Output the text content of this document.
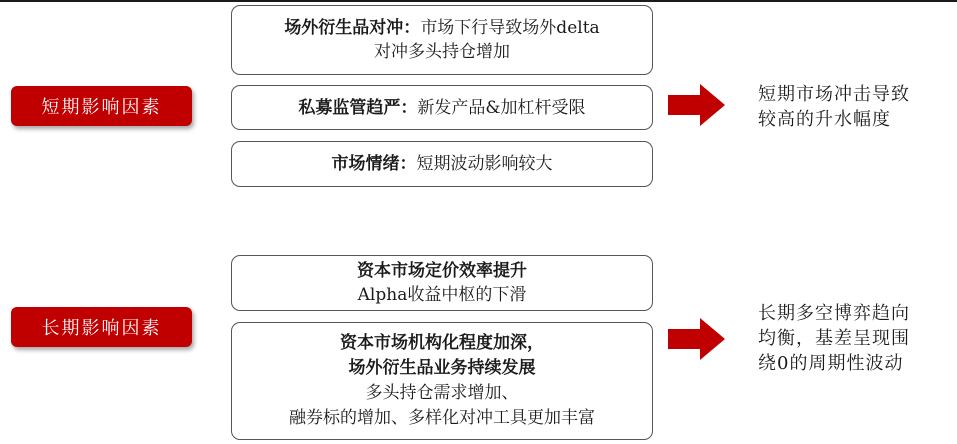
短期影响因素
场外衍生品对冲：市场下行导致场外delta
对冲多头持仓增加
私募监管趋严：新发产品&加杠杆受限
市场情绪：短期波动影响较大
短期市场冲击导致
较高的升水幅度
长期影响因素
资本市场定价效率提升
Alpha收益中枢的下滑
资本市场机构化程度加深，
场外衍生品业务持续发展
多头持仓需求增加、
融券标的增加、多样化对冲工具更加丰富
长期多空博弈趋向
均衡，基差呈现围
绕0的周期性波动
